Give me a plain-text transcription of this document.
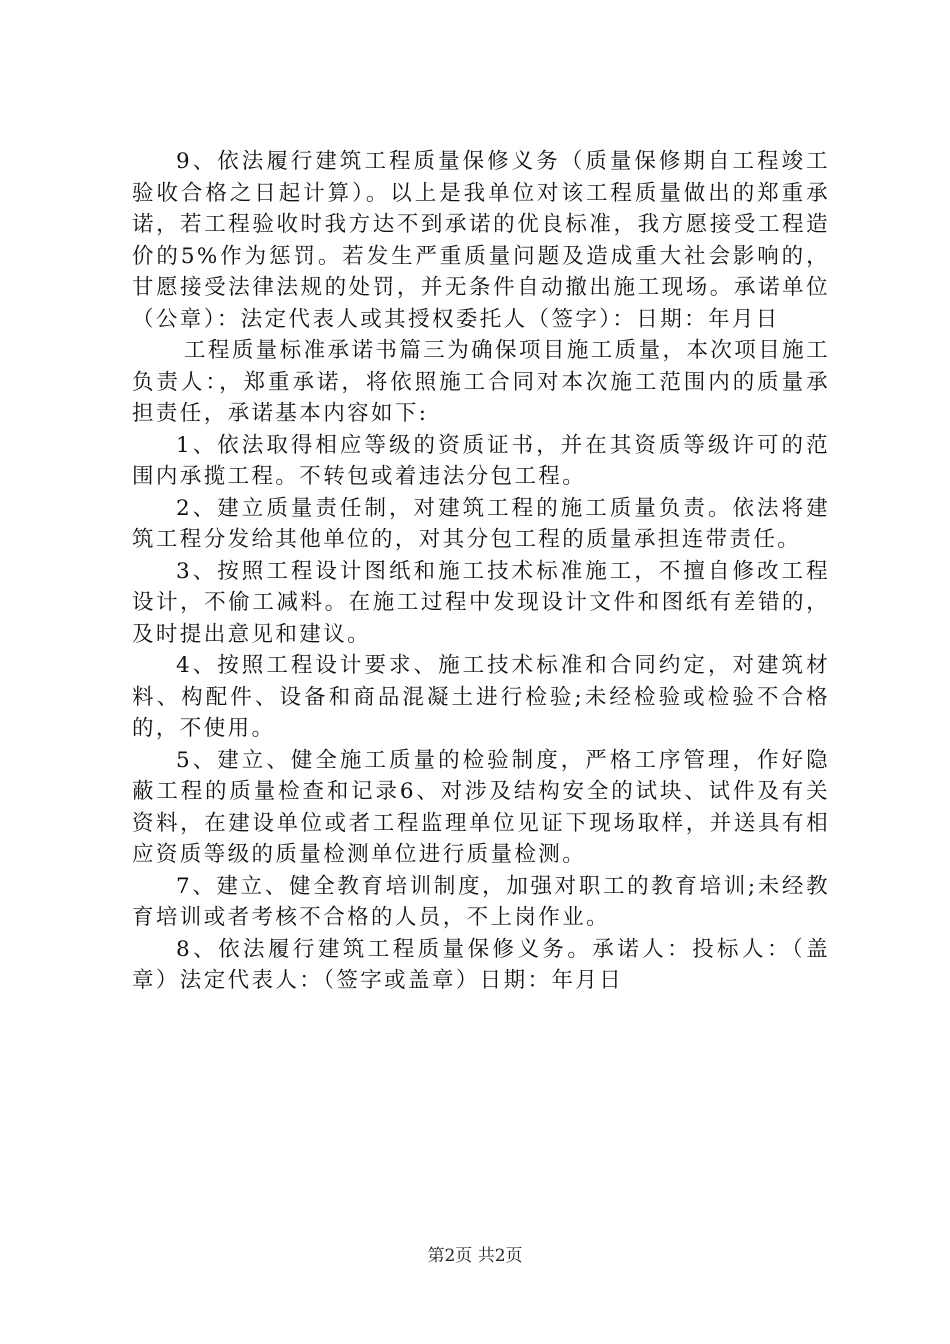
9、依法履行建筑工程质量保修义务（质量保修期自工程竣工验收合格之日起计算）。以上是我单位对该工程质量做出的郑重承诺，若工程验收时我方达不到承诺的优良标准，我方愿接受工程造价的5%作为惩罚。若发生严重质量问题及造成重大社会影响的，甘愿接受法律法规的处罚，并无条件自动撤出施工现场。承诺单位（公章）：法定代表人或其授权委托人（签字）：日期：年月日

工程质量标准承诺书篇三为确保项目施工质量，本次项目施工负责人：，郑重承诺，将依照施工合同对本次施工范围内的质量承担责任，承诺基本内容如下:

1、依法取得相应等级的资质证书，并在其资质等级许可的范围内承揽工程。不转包或着违法分包工程。

2、建立质量责任制，对建筑工程的施工质量负责。依法将建筑工程分发给其他单位的，对其分包工程的质量承担连带责任。

3、按照工程设计图纸和施工技术标准施工，不擅自修改工程设计，不偷工减料。在施工过程中发现设计文件和图纸有差错的，及时提出意见和建议。

4、按照工程设计要求、施工技术标准和合同约定，对建筑材料、构配件、设备和商品混凝土进行检验;未经检验或检验不合格的，不使用。

5、建立、健全施工质量的检验制度，严格工序管理，作好隐蔽工程的质量检查和记录6、对涉及结构安全的试块、试件及有关资料，在建设单位或者工程监理单位见证下现场取样，并送具有相应资质等级的质量检测单位进行质量检测。

7、建立、健全教育培训制度，加强对职工的教育培训;未经教育培训或者考核不合格的人员，不上岗作业。

8、依法履行建筑工程质量保修义务。承诺人：投标人：（盖章）法定代表人：（签字或盖章）日期：年月日

第2页 共2页
